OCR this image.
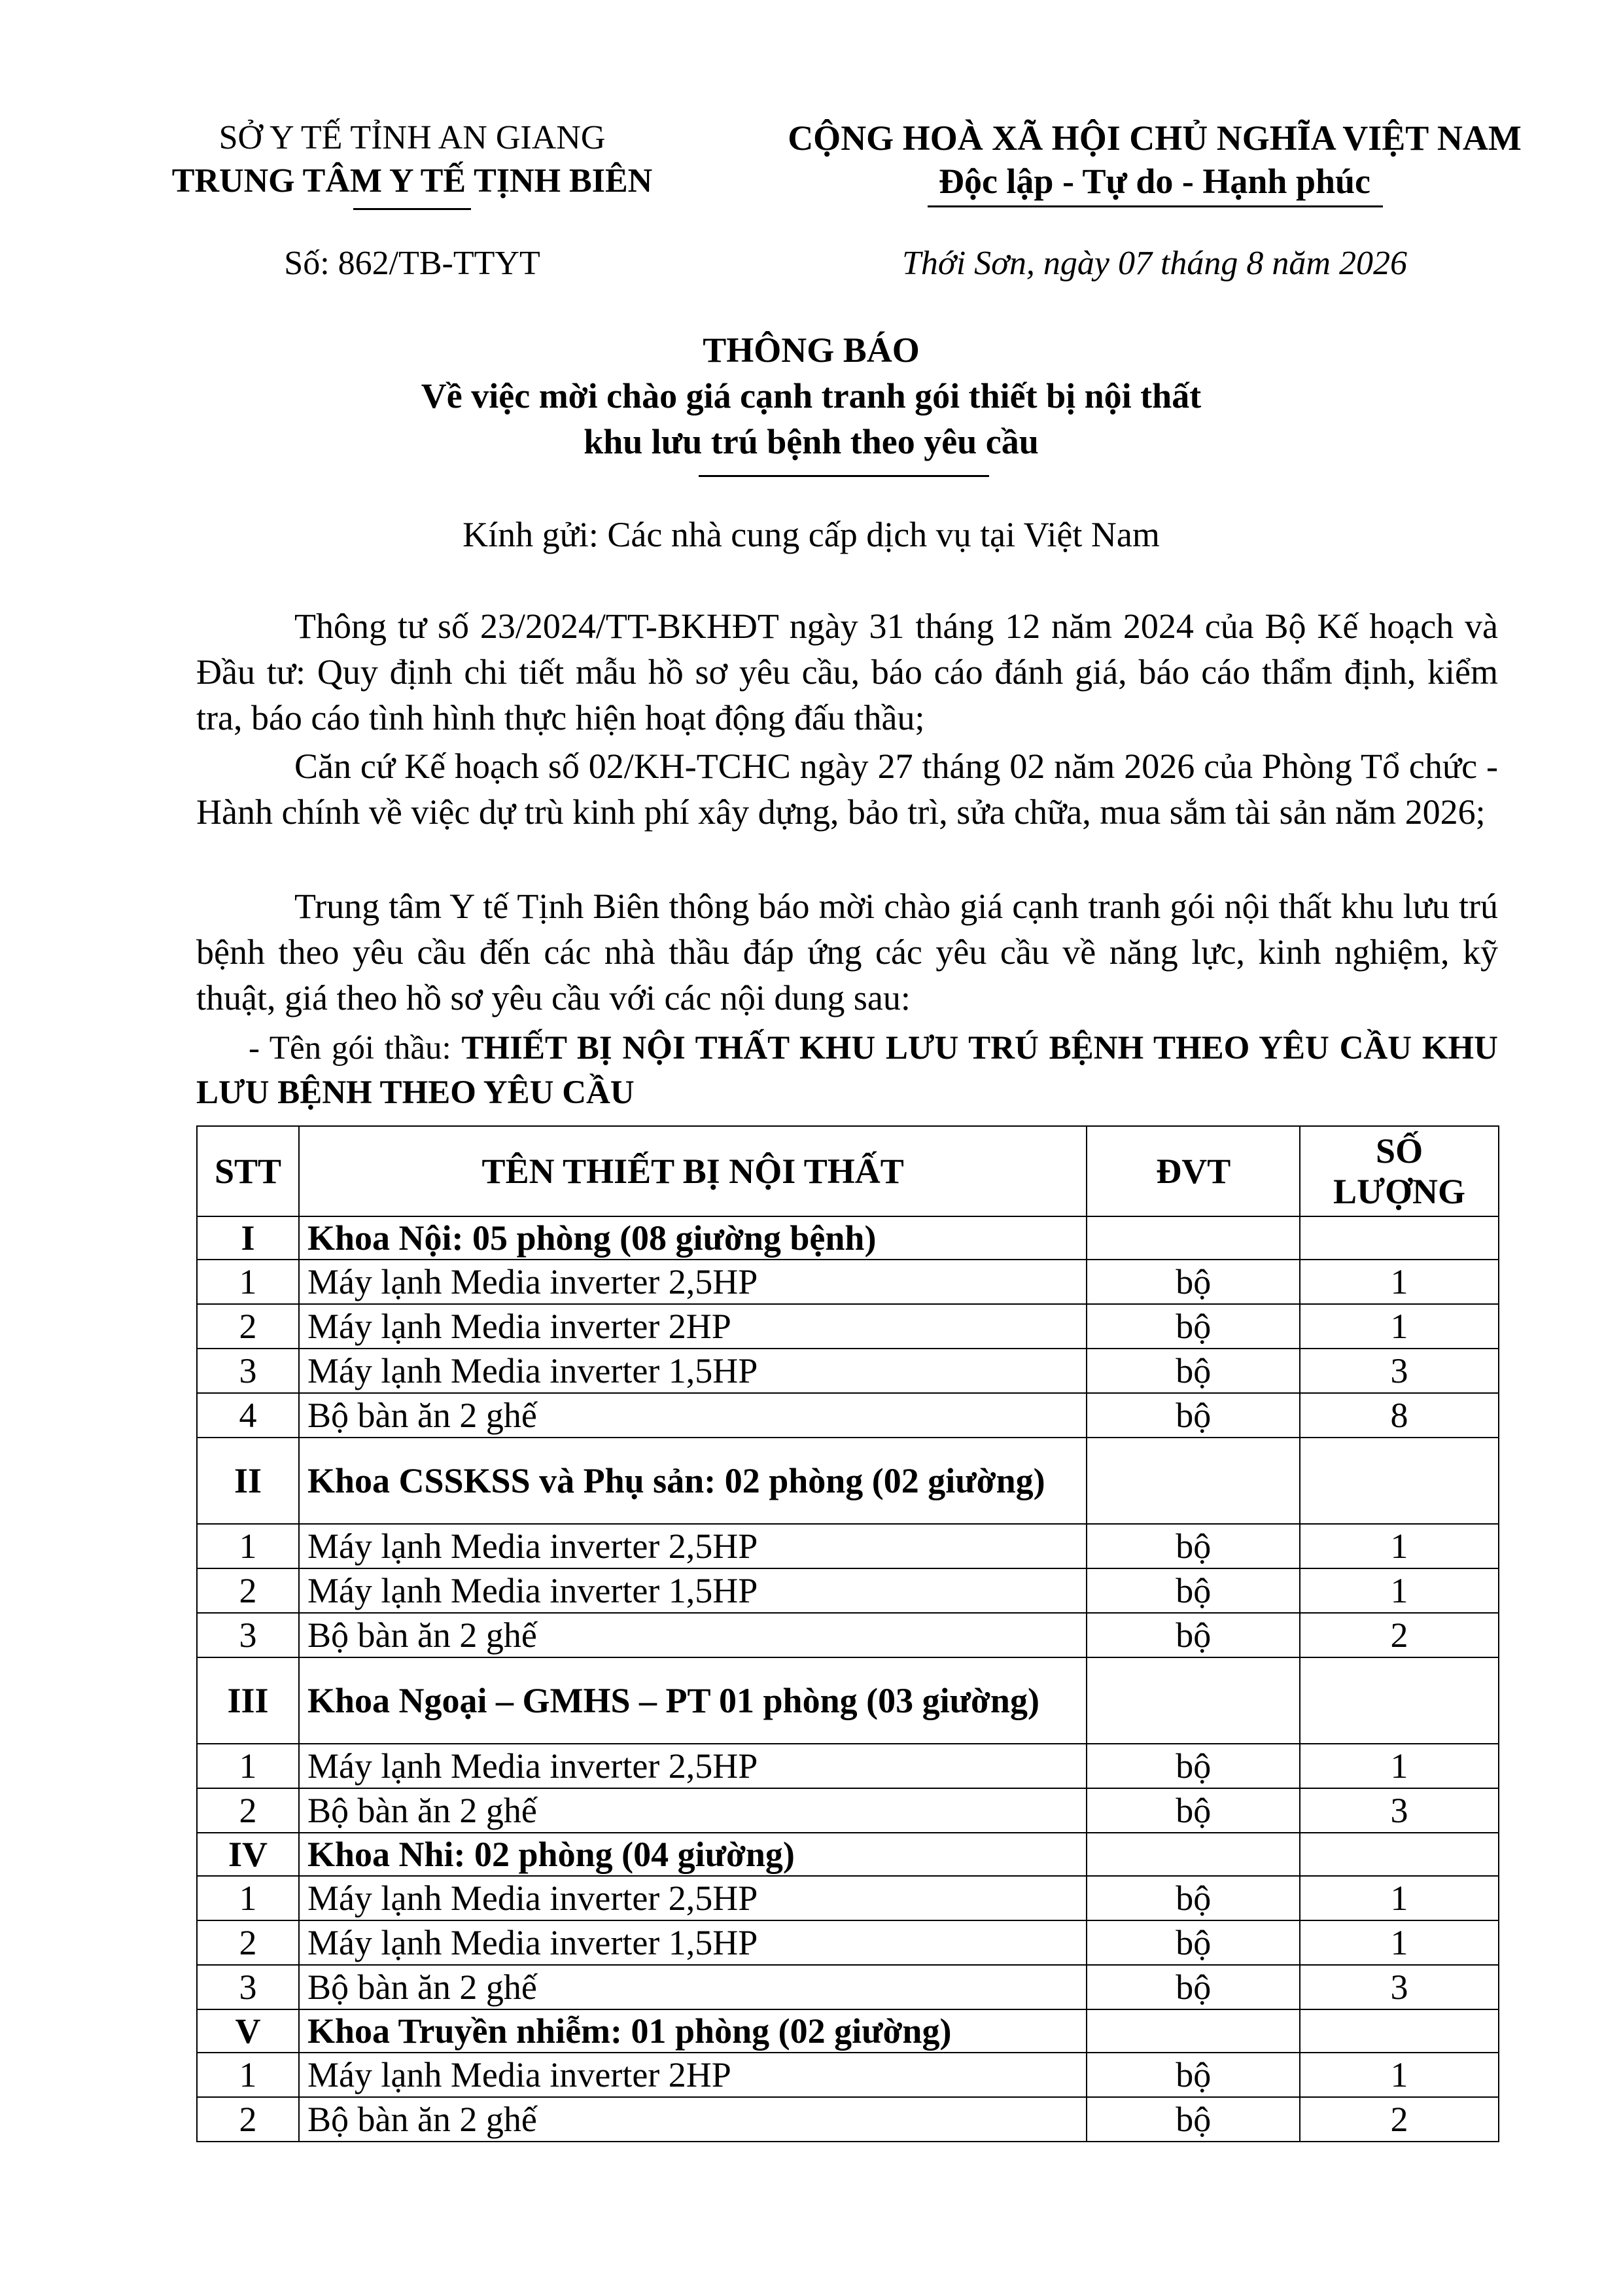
SỞ Y TẾ TỈNH AN GIANG
TRUNG TÂM Y TẾ TỊNH BIÊN
CỘNG HOÀ XÃ HỘI CHỦ NGHĨA VIỆT NAM
Độc lập - Tự do - Hạnh phúc
Số: 862/TB-TTYT	Thới Sơn, ngày 07 tháng 8 năm 2026
THÔNG BÁO
Về việc mời chào giá cạnh tranh gói thiết bị nội thất
khu lưu trú bệnh theo yêu cầu
Kính gửi: Các nhà cung cấp dịch vụ tại Việt Nam

Thông tư số 23/2024/TT-BKHĐT ngày 31 tháng 12 năm 2024 của Bộ Kế hoạch và Đầu tư: Quy định chi tiết mẫu hồ sơ yêu cầu, báo cáo đánh giá, báo cáo thẩm định, kiểm tra, báo cáo tình hình thực hiện hoạt động đấu thầu;

Căn cứ Kế hoạch số 02/KH-TCHC ngày 27 tháng 02 năm 2026 của Phòng Tổ chức - Hành chính về việc dự trù kinh phí xây dựng, bảo trì, sửa chữa, mua sắm tài sản năm 2026;

Trung tâm Y tế Tịnh Biên thông báo mời chào giá cạnh tranh gói nội thất khu lưu trú bệnh theo yêu cầu đến các nhà thầu đáp ứng các yêu cầu về năng lực, kinh nghiệm, kỹ thuật, giá theo hồ sơ yêu cầu với các nội dung sau:

- Tên gói thầu: THIẾT BỊ NỘI THẤT KHU LƯU TRÚ BỆNH THEO YÊU CẦU KHU LƯU BỆNH THEO YÊU CẦU

STT	TÊN THIẾT BỊ NỘI THẤT	ĐVT	SỐ LƯỢNG
I	Khoa Nội: 05 phòng (08 giường bệnh)		
1	Máy lạnh Media inverter 2,5HP	bộ	1
2	Máy lạnh Media inverter 2HP	bộ	1
3	Máy lạnh Media inverter 1,5HP	bộ	3
4	Bộ bàn ăn 2 ghế	bộ	8
II	Khoa CSSKSS và Phụ sản: 02 phòng (02 giường)		
1	Máy lạnh Media inverter 2,5HP	bộ	1
2	Máy lạnh Media inverter 1,5HP	bộ	1
3	Bộ bàn ăn 2 ghế	bộ	2
III	Khoa Ngoại – GMHS – PT 01 phòng (03 giường)		
1	Máy lạnh Media inverter 2,5HP	bộ	1
2	Bộ bàn ăn 2 ghế	bộ	3
IV	Khoa Nhi: 02 phòng (04 giường)		
1	Máy lạnh Media inverter 2,5HP	bộ	1
2	Máy lạnh Media inverter 1,5HP	bộ	1
3	Bộ bàn ăn 2 ghế	bộ	3
V	Khoa Truyền nhiễm: 01 phòng (02 giường)		
1	Máy lạnh Media inverter 2HP	bộ	1
2	Bộ bàn ăn 2 ghế	bộ	2
